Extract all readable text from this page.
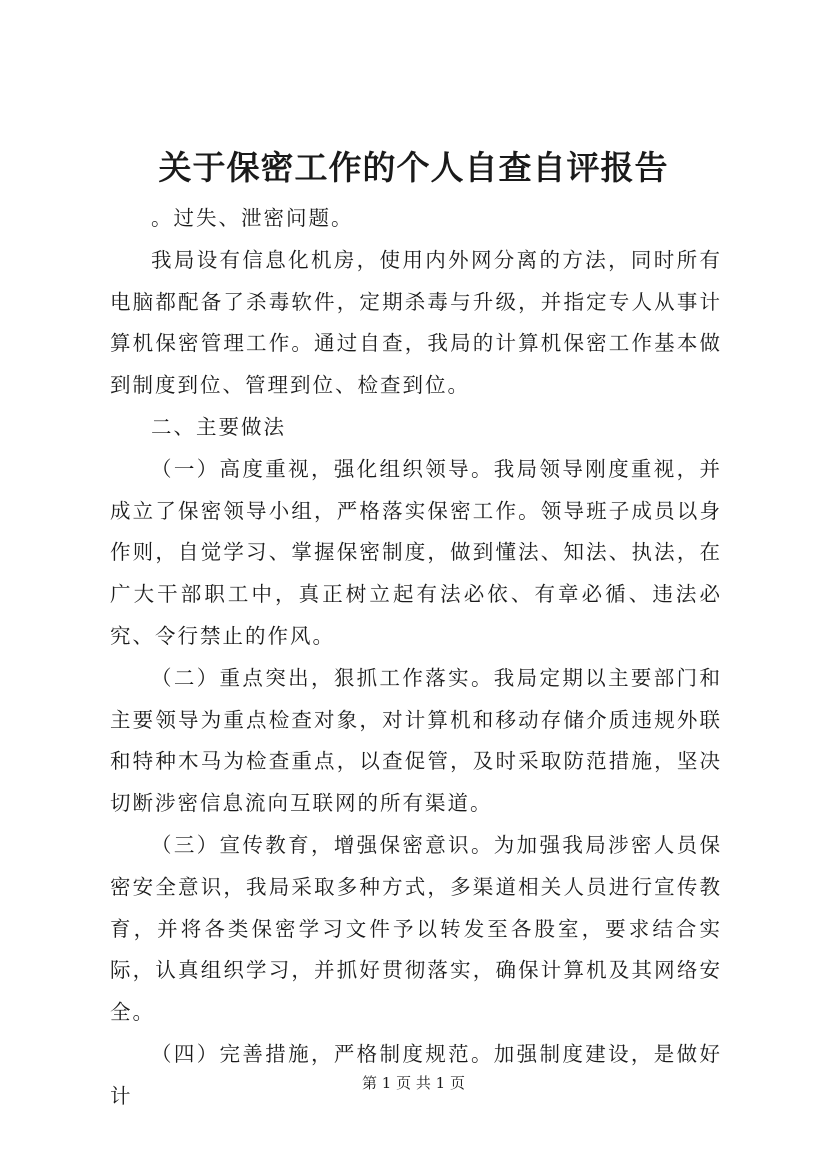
关于保密工作的个人自查自评报告

。过失、泄密问题。

我局设有信息化机房，使用内外网分离的方法，同时所有电脑都配备了杀毒软件，定期杀毒与升级，并指定专人从事计算机保密管理工作。通过自查，我局的计算机保密工作基本做到制度到位、管理到位、检查到位。

二、主要做法

（一）高度重视，强化组织领导。我局领导刚度重视，并成立了保密领导小组，严格落实保密工作。领导班子成员以身作则，自觉学习、掌握保密制度，做到懂法、知法、执法，在广大干部职工中，真正树立起有法必依、有章必循、违法必究、令行禁止的作风。

（二）重点突出，狠抓工作落实。我局定期以主要部门和主要领导为重点检查对象，对计算机和移动存储介质违规外联和特种木马为检查重点，以查促管，及时采取防范措施，坚决切断涉密信息流向互联网的所有渠道。

（三）宣传教育，增强保密意识。为加强我局涉密人员保密安全意识，我局采取多种方式，多渠道相关人员进行宣传教育，并将各类保密学习文件予以转发至各股室，要求结合实际，认真组织学习，并抓好贯彻落实，确保计算机及其网络安全。

（四）完善措施，严格制度规范。加强制度建设，是做好计

第 1 页 共 1 页
